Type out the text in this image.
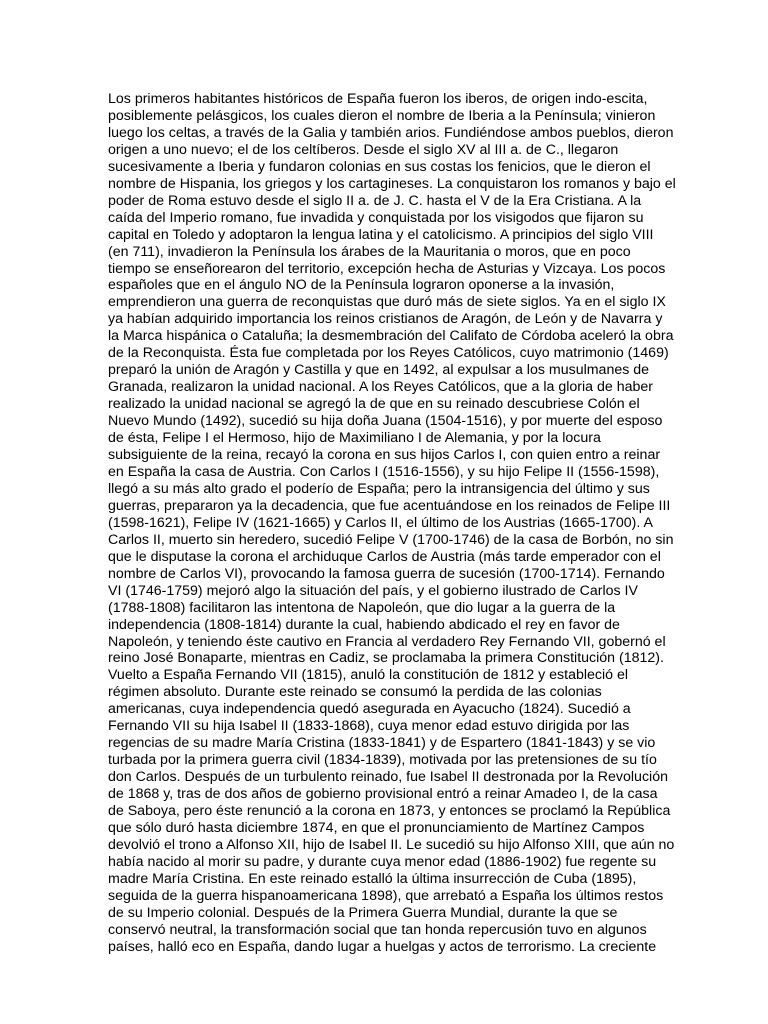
Los primeros habitantes históricos de España fueron los iberos, de origen indo-escita,
posiblemente pelásgicos, los cuales dieron el nombre de Iberia a la Península; vinieron
luego los celtas, a través de la Galia y también arios. Fundiéndose ambos pueblos, dieron
origen a uno nuevo; el de los celtíberos. Desde el siglo XV al III a. de C., llegaron
sucesivamente a Iberia y fundaron colonias en sus costas los fenicios, que le dieron el
nombre de Hispania, los griegos y los cartagineses. La conquistaron los romanos y bajo el
poder de Roma estuvo desde el siglo II a. de J. C. hasta el V de la Era Cristiana. A la
caída del Imperio romano, fue invadida y conquistada por los visigodos que fijaron su
capital en Toledo y adoptaron la lengua latina y el catolicismo. A principios del siglo VIII
(en 711), invadieron la Península los árabes de la Mauritania o moros, que en poco
tiempo se enseñorearon del territorio, excepción hecha de Asturias y Vizcaya. Los pocos
españoles que en el ángulo NO de la Península lograron oponerse a la invasión,
emprendieron una guerra de reconquistas que duró más de siete siglos. Ya en el siglo IX
ya habían adquirido importancia los reinos cristianos de Aragón, de León y de Navarra y
la Marca hispánica o Cataluña; la desmembración del Califato de Córdoba aceleró la obra
de la Reconquista. Ésta fue completada por los Reyes Católicos, cuyo matrimonio (1469)
preparó la unión de Aragón y Castilla y que en 1492, al expulsar a los musulmanes de
Granada, realizaron la unidad nacional. A los Reyes Católicos, que a la gloria de haber
realizado la unidad nacional se agregó la de que en su reinado descubriese Colón el
Nuevo Mundo (1492), sucedió su hija doña Juana (1504-1516), y por muerte del esposo
de ésta, Felipe I el Hermoso, hijo de Maximiliano I de Alemania, y por la locura
subsiguiente de la reina, recayó la corona en sus hijos Carlos I, con quien entro a reinar
en España la casa de Austria. Con Carlos I (1516-1556), y su hijo Felipe II (1556-1598),
llegó a su más alto grado el poderío de España; pero la intransigencia del último y sus
guerras, prepararon ya la decadencia, que fue acentuándose en los reinados de Felipe III
(1598-1621), Felipe IV (1621-1665) y Carlos II, el último de los Austrias (1665-1700). A
Carlos II, muerto sin heredero, sucedió Felipe V (1700-1746) de la casa de Borbón, no sin
que le disputase la corona el archiduque Carlos de Austria (más tarde emperador con el
nombre de Carlos VI), provocando la famosa guerra de sucesión (1700-1714). Fernando
VI (1746-1759) mejoró algo la situación del país, y el gobierno ilustrado de Carlos IV
(1788-1808) facilitaron las intentona de Napoleón, que dio lugar a la guerra de la
independencia (1808-1814) durante la cual, habiendo abdicado el rey en favor de
Napoleón, y teniendo éste cautivo en Francia al verdadero Rey Fernando VII, gobernó el
reino José Bonaparte, mientras en Cadiz, se proclamaba la primera Constitución (1812).
Vuelto a España Fernando VII (1815), anuló la constitución de 1812 y estableció el
régimen absoluto. Durante este reinado se consumó la perdida de las colonias
americanas, cuya independencia quedó asegurada en Ayacucho (1824). Sucedió a
Fernando VII su hija Isabel II (1833-1868), cuya menor edad estuvo dirigida por las
regencias de su madre María Cristina (1833-1841) y de Espartero (1841-1843) y se vio
turbada por la primera guerra civil (1834-1839), motivada por las pretensiones de su tío
don Carlos. Después de un turbulento reinado, fue Isabel II destronada por la Revolución
de 1868 y, tras de dos años de gobierno provisional entró a reinar Amadeo I, de la casa
de Saboya, pero éste renunció a la corona en 1873, y entonces se proclamó la República
que sólo duró hasta diciembre 1874, en que el pronunciamiento de Martínez Campos
devolvió el trono a Alfonso XII, hijo de Isabel II. Le sucedió su hijo Alfonso XIII, que aún no
había nacido al morir su padre, y durante cuya menor edad (1886-1902) fue regente su
madre María Cristina. En este reinado estalló la última insurrección de Cuba (1895),
seguida de la guerra hispanoamericana 1898), que arrebató a España los últimos restos
de su Imperio colonial. Después de la Primera Guerra Mundial, durante la que se
conservó neutral, la transformación social que tan honda repercusión tuvo en algunos
países, halló eco en España, dando lugar a huelgas y actos de terrorismo. La creciente
